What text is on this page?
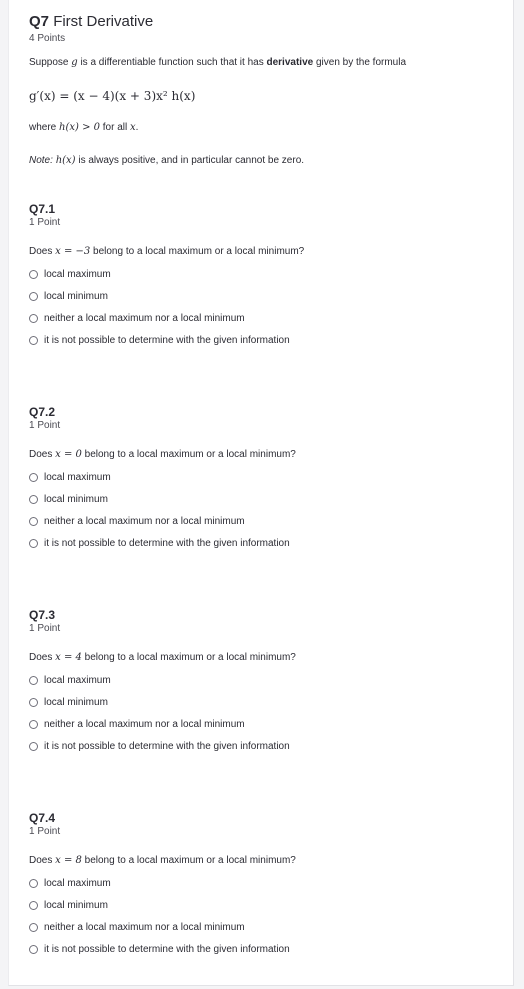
Q7 First Derivative
4 Points

Suppose g is a differentiable function such that it has derivative given by the formula

g′(x) = (x − 4)(x + 3)x² h(x)

where h(x) > 0 for all x.

Note: h(x) is always positive, and in particular cannot be zero.

Q7.1
1 Point
Does x = −3 belong to a local maximum or a local minimum?
local maximum
local minimum
neither a local maximum nor a local minimum
it is not possible to determine with the given information
Q7.2
1 Point
Does x = 0 belong to a local maximum or a local minimum?
local maximum
local minimum
neither a local maximum nor a local minimum
it is not possible to determine with the given information
Q7.3
1 Point
Does x = 4 belong to a local maximum or a local minimum?
local maximum
local minimum
neither a local maximum nor a local minimum
it is not possible to determine with the given information
Q7.4
1 Point
Does x = 8 belong to a local maximum or a local minimum?
local maximum
local minimum
neither a local maximum nor a local minimum
it is not possible to determine with the given information
